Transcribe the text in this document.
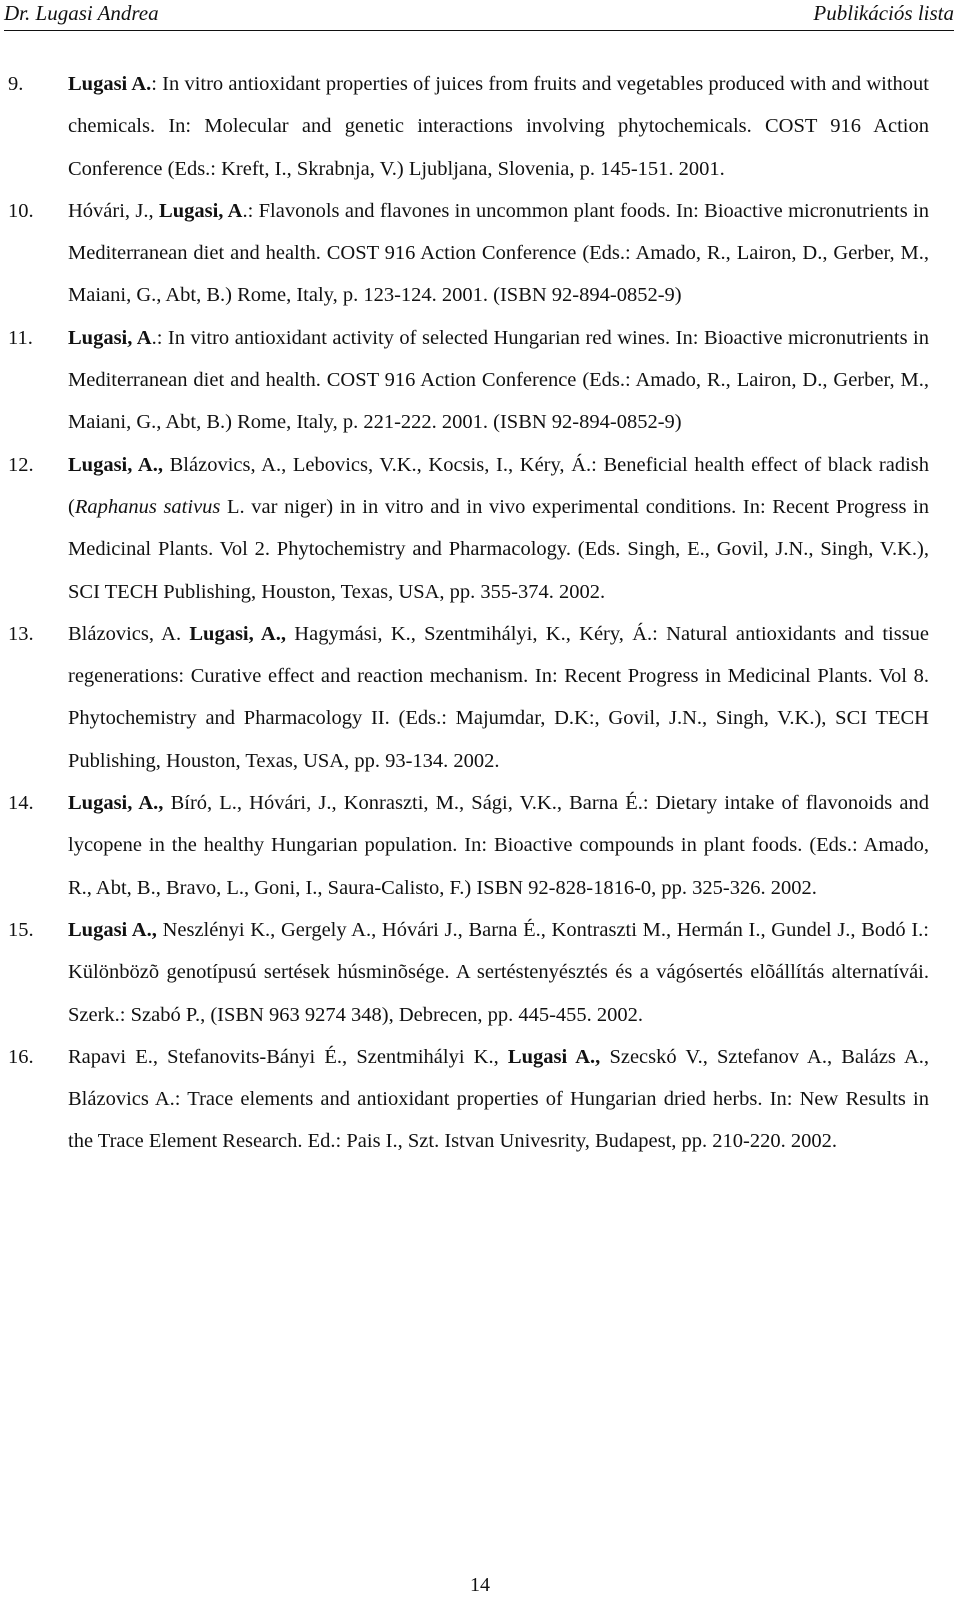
Dr. Lugasi Andrea	Publikációs lista
9. Lugasi A.: In vitro antioxidant properties of juices from fruits and vegetables produced with and without chemicals. In: Molecular and genetic interactions involving phytochemicals. COST 916 Action Conference (Eds.: Kreft, I., Skrabnja, V.) Ljubljana, Slovenia, p. 145-151. 2001.
10. Hóvári, J., Lugasi, A.: Flavonols and flavones in uncommon plant foods. In: Bioactive micronutrients in Mediterranean diet and health. COST 916 Action Conference (Eds.: Amado, R., Lairon, D., Gerber, M., Maiani, G., Abt, B.) Rome, Italy, p. 123-124. 2001. (ISBN 92-894-0852-9)
11. Lugasi, A.: In vitro antioxidant activity of selected Hungarian red wines. In: Bioactive micronutrients in Mediterranean diet and health. COST 916 Action Conference (Eds.: Amado, R., Lairon, D., Gerber, M., Maiani, G., Abt, B.) Rome, Italy, p. 221-222. 2001. (ISBN 92-894-0852-9)
12. Lugasi, A., Blázovics, A., Lebovics, V.K., Kocsis, I., Kéry, Á.: Beneficial health effect of black radish (Raphanus sativus L. var niger) in in vitro and in vivo experimental conditions. In: Recent Progress in Medicinal Plants. Vol 2. Phytochemistry and Pharmacology. (Eds. Singh, E., Govil, J.N., Singh, V.K.), SCI TECH Publishing, Houston, Texas, USA, pp. 355-374. 2002.
13. Blázovics, A. Lugasi, A., Hagymási, K., Szentmihályi, K., Kéry, Á.: Natural antioxidants and tissue regenerations: Curative effect and reaction mechanism. In: Recent Progress in Medicinal Plants. Vol 8. Phytochemistry and Pharmacology II. (Eds.: Majumdar, D.K:, Govil, J.N., Singh, V.K.), SCI TECH Publishing, Houston, Texas, USA, pp. 93-134. 2002.
14. Lugasi, A., Bíró, L., Hóvári, J., Konraszti, M., Sági, V.K., Barna É.: Dietary intake of flavonoids and lycopene in the healthy Hungarian population. In: Bioactive compounds in plant foods. (Eds.: Amado, R., Abt, B., Bravo, L., Goni, I., Saura-Calisto, F.) ISBN 92-828-1816-0, pp. 325-326. 2002.
15. Lugasi A., Neszlényi K., Gergely A., Hóvári J., Barna É., Kontraszti M., Hermán I., Gundel J., Bodó I.: Különbözõ genotípusú sertések húsminõsége. A sertéstenyésztés és a vágósertés elõállítás alternatívái. Szerk.: Szabó P., (ISBN 963 9274 348), Debrecen, pp. 445-455. 2002.
16. Rapavi E., Stefanovits-Bányi É., Szentmihályi K., Lugasi A., Szecskó V., Sztefanov A., Balázs A., Blázovics A.: Trace elements and antioxidant properties of Hungarian dried herbs. In: New Results in the Trace Element Research. Ed.: Pais I., Szt. Istvan Univesrity, Budapest, pp. 210-220. 2002.
14
